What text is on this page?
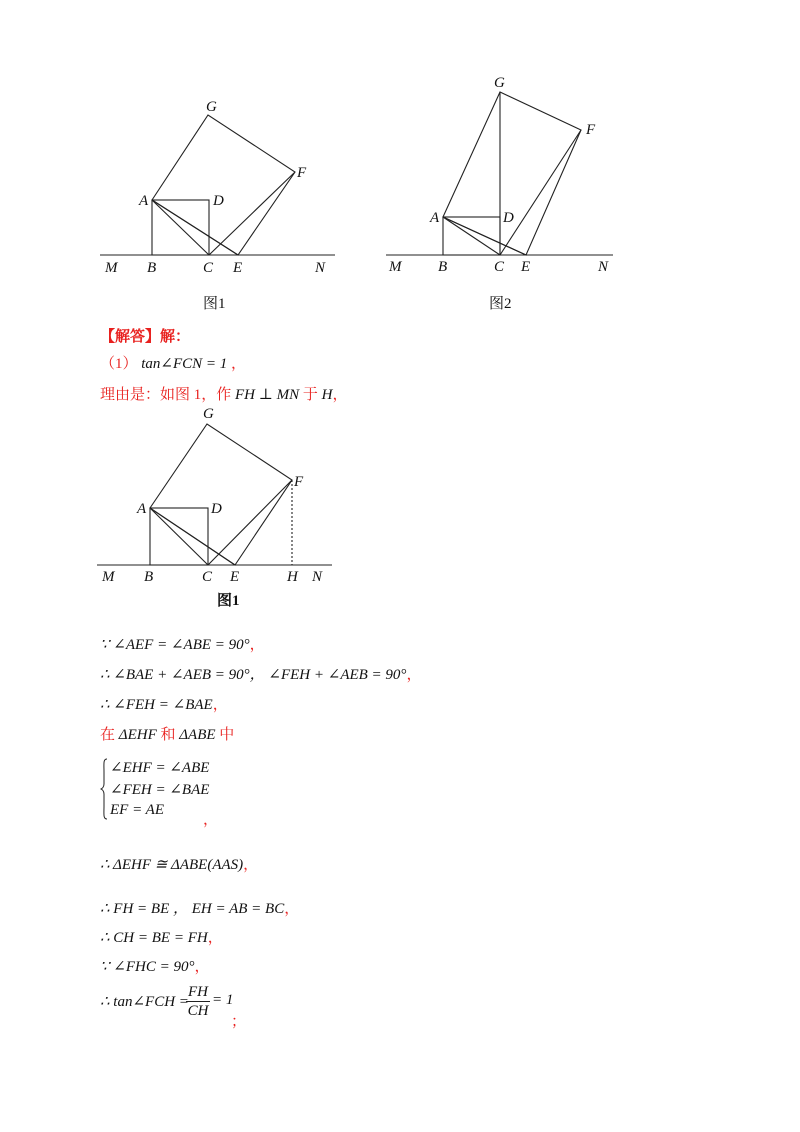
G
F
A	D
M B	C E	N
图1
G
F
A	D
M B	C E	N
图2
【解答】解：
（1） tan∠FCN = 1 ，
理由是：如图 1，作 FH ⊥ MN 于 H，
G
F
A	D
M B	C E	H N
图1
∵ ∠AEF = ∠ABE = 90°，
∴ ∠BAE + ∠AEB = 90°， ∠FEH + ∠AEB = 90°，
∴ ∠FEH = ∠BAE，
在 ΔEHF 和 ΔABE 中
∠EHF = ∠ABE
∠FEH = ∠BAE
EF = AE
，
∴ ΔEHF ≅ ΔABE(AAS)，
∴ FH = BE ， EH = AB = BC，
∴ CH = BE = FH，
∵ ∠FHC = 90°，
∴ tan∠FCH =
FH
CH
= 1
；
